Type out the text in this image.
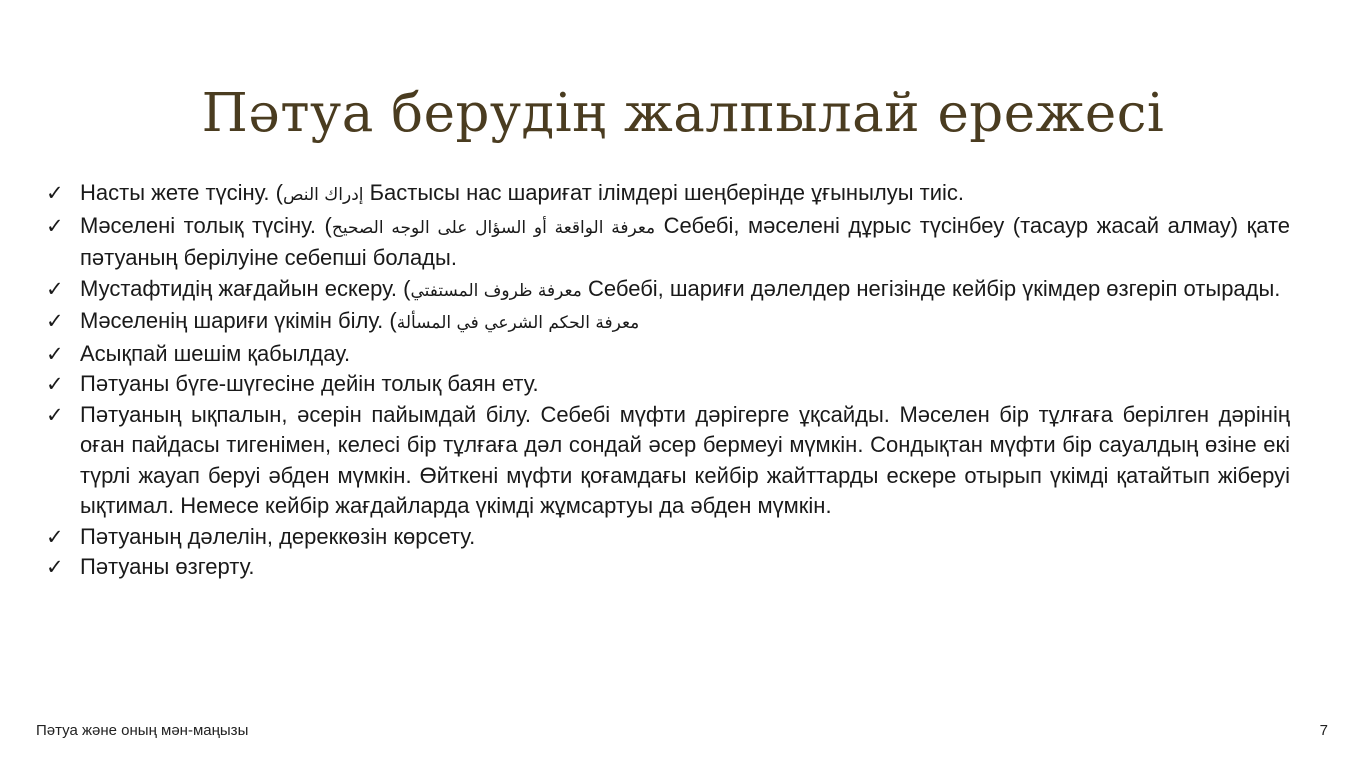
Пәтуа берудің жалпылай ережесі
✓ Насты жете түсіну. (إدراك النص Бастысы нас шариғат ілімдері шеңберінде ұғынылуы тиіс.
✓ Мәселені толық түсіну. (معرفة الواقعة أو السؤال على الوجه الصحيح Себебі, мәселені дұрыс түсінбеу (тасаур жасай алмау) қате пәтуаның берілуіне себепші болады.
✓ Мустафтидің жағдайын ескеру. (معرفة ظروف المستفتي Себебі, шариғи дәлелдер негізінде кейбір үкімдер өзгеріп отырады.
✓ Мәселенің шариғи үкімін білу. (معرفة الحكم الشرعي في المسألة
✓ Асықпай шешім қабылдау.
✓ Пәтуаны бүге-шүгесіне дейін толық баян ету.
✓ Пәтуаның ықпалын, әсерін пайымдай білу. Себебі мүфти дәрігерге ұқсайды. Мәселен бір тұлғаға берілген дәрінің оған пайдасы тигенімен, келесі бір тұлғаға дәл сондай әсер бермеуі мүмкін. Сондықтан мүфти бір сауалдың өзіне екі түрлі жауап беруі әбден мүмкін. Өйткені мүфти қоғамдағы кейбір жайттарды ескере отырып үкімді қатайтып жіберуі ықтимал. Немесе кейбір жағдайларда үкімді жұмсартуы да әбден мүмкін.
✓ Пәтуаның дәлелін, дереккөзін көрсету.
✓ Пәтуаны өзгерту.
Пәтуа және оның мән-маңызы	7
